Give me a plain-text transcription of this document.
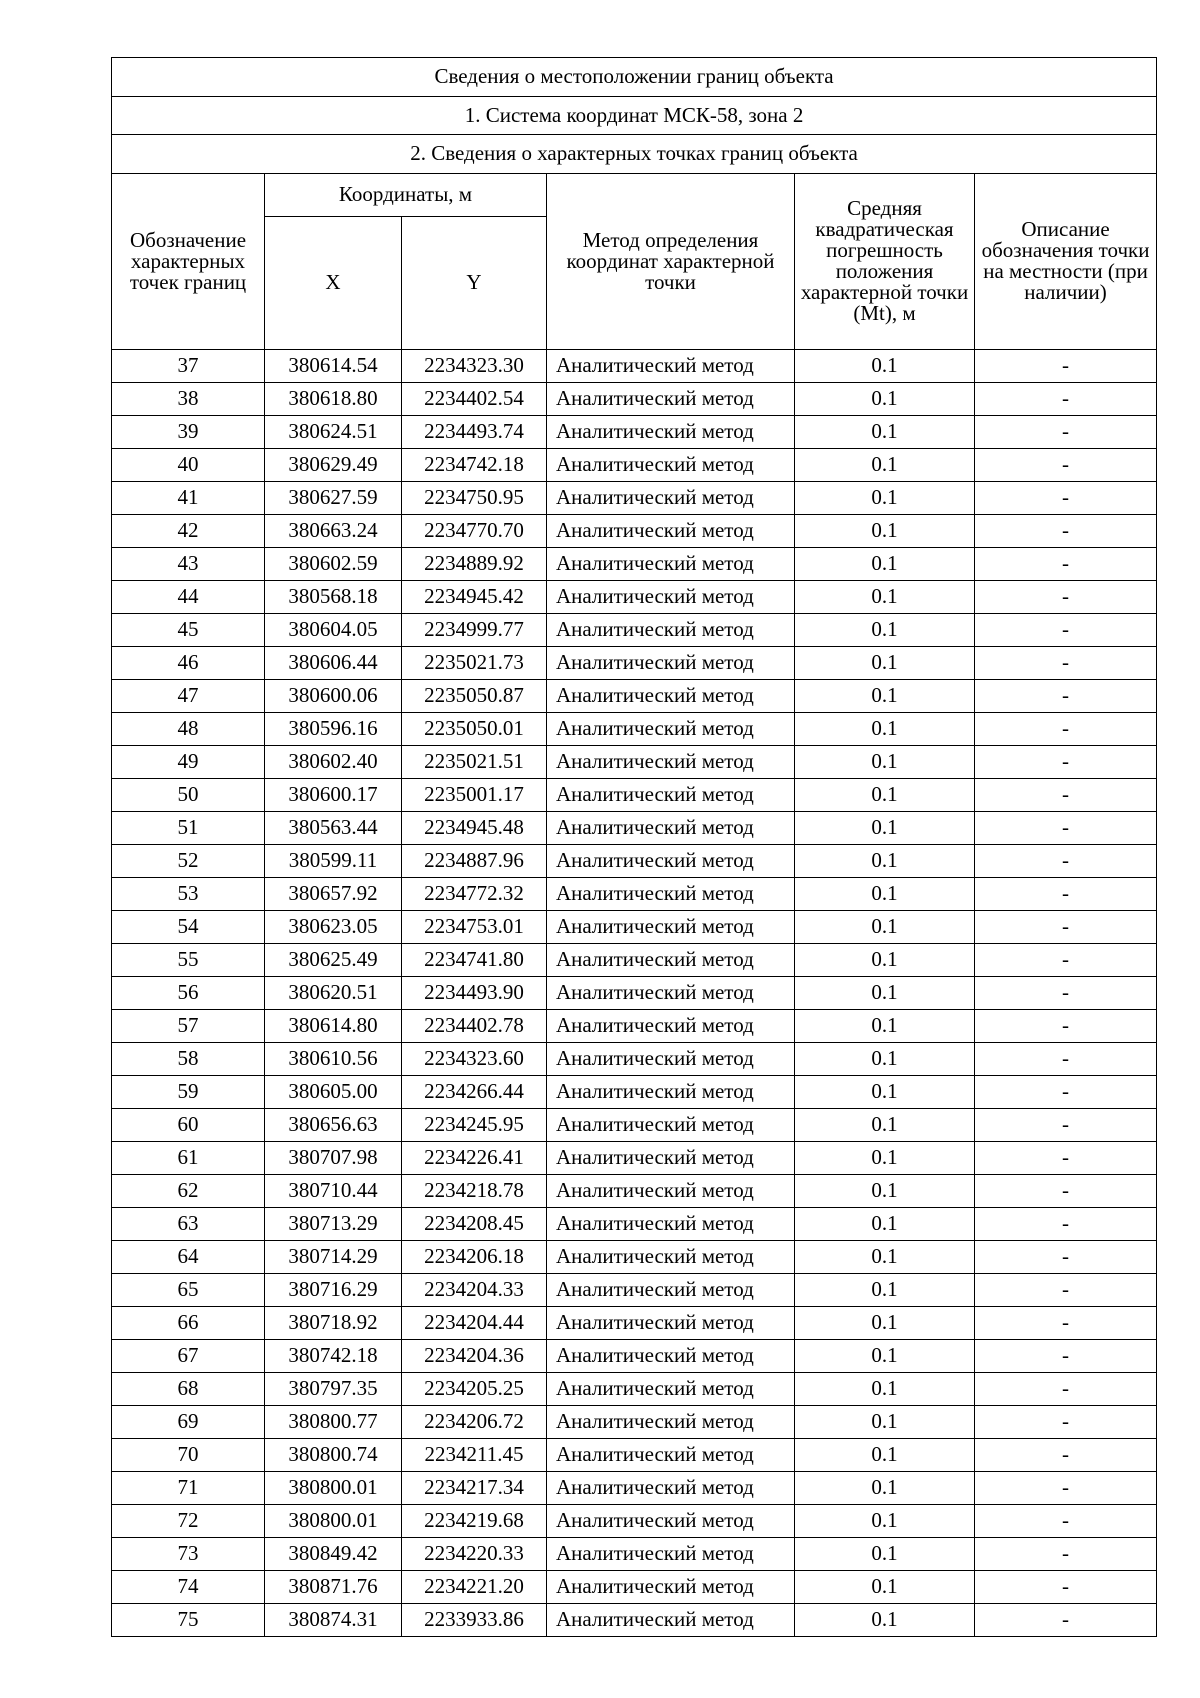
Сведения о местоположении границ объекта					
1. Система координат МСК-58, зона 2					
2. Сведения о характерных точках границ объекта					
Обозначение характерных точек границ	Координаты, м		Метод определения координат характерной точки	Средняя квадратическая погрешность положения характерной точки (Mt), м	Описание обозначения точки на местности (при наличии)
	X	Y			
37	380614.54	2234323.30	Аналитический метод	0.1	-
38	380618.80	2234402.54	Аналитический метод	0.1	-
39	380624.51	2234493.74	Аналитический метод	0.1	-
40	380629.49	2234742.18	Аналитический метод	0.1	-
41	380627.59	2234750.95	Аналитический метод	0.1	-
42	380663.24	2234770.70	Аналитический метод	0.1	-
43	380602.59	2234889.92	Аналитический метод	0.1	-
44	380568.18	2234945.42	Аналитический метод	0.1	-
45	380604.05	2234999.77	Аналитический метод	0.1	-
46	380606.44	2235021.73	Аналитический метод	0.1	-
47	380600.06	2235050.87	Аналитический метод	0.1	-
48	380596.16	2235050.01	Аналитический метод	0.1	-
49	380602.40	2235021.51	Аналитический метод	0.1	-
50	380600.17	2235001.17	Аналитический метод	0.1	-
51	380563.44	2234945.48	Аналитический метод	0.1	-
52	380599.11	2234887.96	Аналитический метод	0.1	-
53	380657.92	2234772.32	Аналитический метод	0.1	-
54	380623.05	2234753.01	Аналитический метод	0.1	-
55	380625.49	2234741.80	Аналитический метод	0.1	-
56	380620.51	2234493.90	Аналитический метод	0.1	-
57	380614.80	2234402.78	Аналитический метод	0.1	-
58	380610.56	2234323.60	Аналитический метод	0.1	-
59	380605.00	2234266.44	Аналитический метод	0.1	-
60	380656.63	2234245.95	Аналитический метод	0.1	-
61	380707.98	2234226.41	Аналитический метод	0.1	-
62	380710.44	2234218.78	Аналитический метод	0.1	-
63	380713.29	2234208.45	Аналитический метод	0.1	-
64	380714.29	2234206.18	Аналитический метод	0.1	-
65	380716.29	2234204.33	Аналитический метод	0.1	-
66	380718.92	2234204.44	Аналитический метод	0.1	-
67	380742.18	2234204.36	Аналитический метод	0.1	-
68	380797.35	2234205.25	Аналитический метод	0.1	-
69	380800.77	2234206.72	Аналитический метод	0.1	-
70	380800.74	2234211.45	Аналитический метод	0.1	-
71	380800.01	2234217.34	Аналитический метод	0.1	-
72	380800.01	2234219.68	Аналитический метод	0.1	-
73	380849.42	2234220.33	Аналитический метод	0.1	-
74	380871.76	2234221.20	Аналитический метод	0.1	-
75	380874.31	2233933.86	Аналитический метод	0.1	-
